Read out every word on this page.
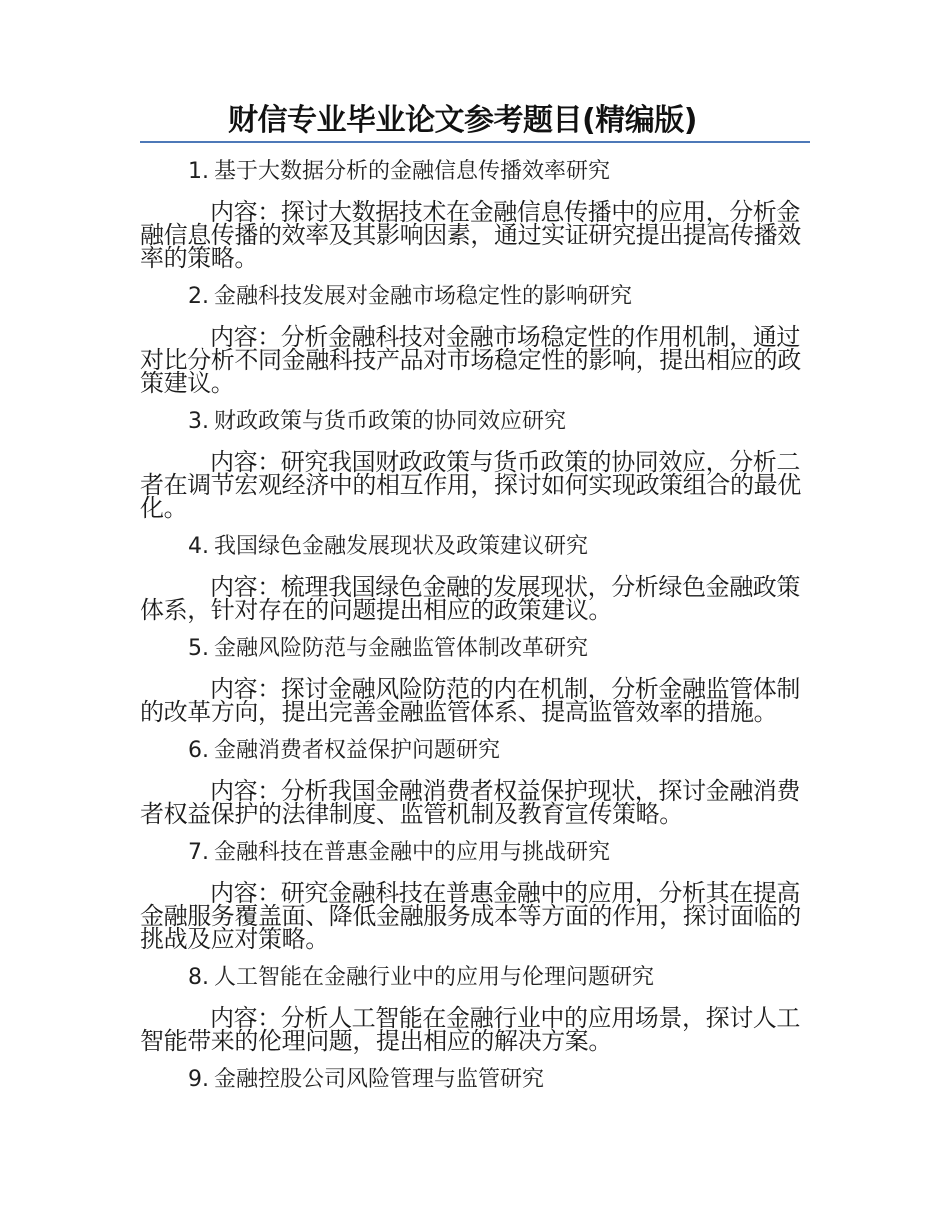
财信专业毕业论文参考题目(精编版)
1. 基于大数据分析的金融信息传播效率研究
内容：探讨大数据技术在金融信息传播中的应用，分析金融信息传播的效率及其影响因素，通过实证研究提出提高传播效率的策略。
2. 金融科技发展对金融市场稳定性的影响研究
内容：分析金融科技对金融市场稳定性的作用机制，通过对比分析不同金融科技产品对市场稳定性的影响，提出相应的政策建议。
3. 财政政策与货币政策的协同效应研究
内容：研究我国财政政策与货币政策的协同效应，分析二者在调节宏观经济中的相互作用，探讨如何实现政策组合的最优化。
4. 我国绿色金融发展现状及政策建议研究
内容：梳理我国绿色金融的发展现状，分析绿色金融政策体系，针对存在的问题提出相应的政策建议。
5. 金融风险防范与金融监管体制改革研究
内容：探讨金融风险防范的内在机制，分析金融监管体制的改革方向，提出完善金融监管体系、提高监管效率的措施。
6. 金融消费者权益保护问题研究
内容：分析我国金融消费者权益保护现状，探讨金融消费者权益保护的法律制度、监管机制及教育宣传策略。
7. 金融科技在普惠金融中的应用与挑战研究
内容：研究金融科技在普惠金融中的应用，分析其在提高金融服务覆盖面、降低金融服务成本等方面的作用，探讨面临的挑战及应对策略。
8. 人工智能在金融行业中的应用与伦理问题研究
内容：分析人工智能在金融行业中的应用场景，探讨人工智能带来的伦理问题，提出相应的解决方案。
9. 金融控股公司风险管理与监管研究
